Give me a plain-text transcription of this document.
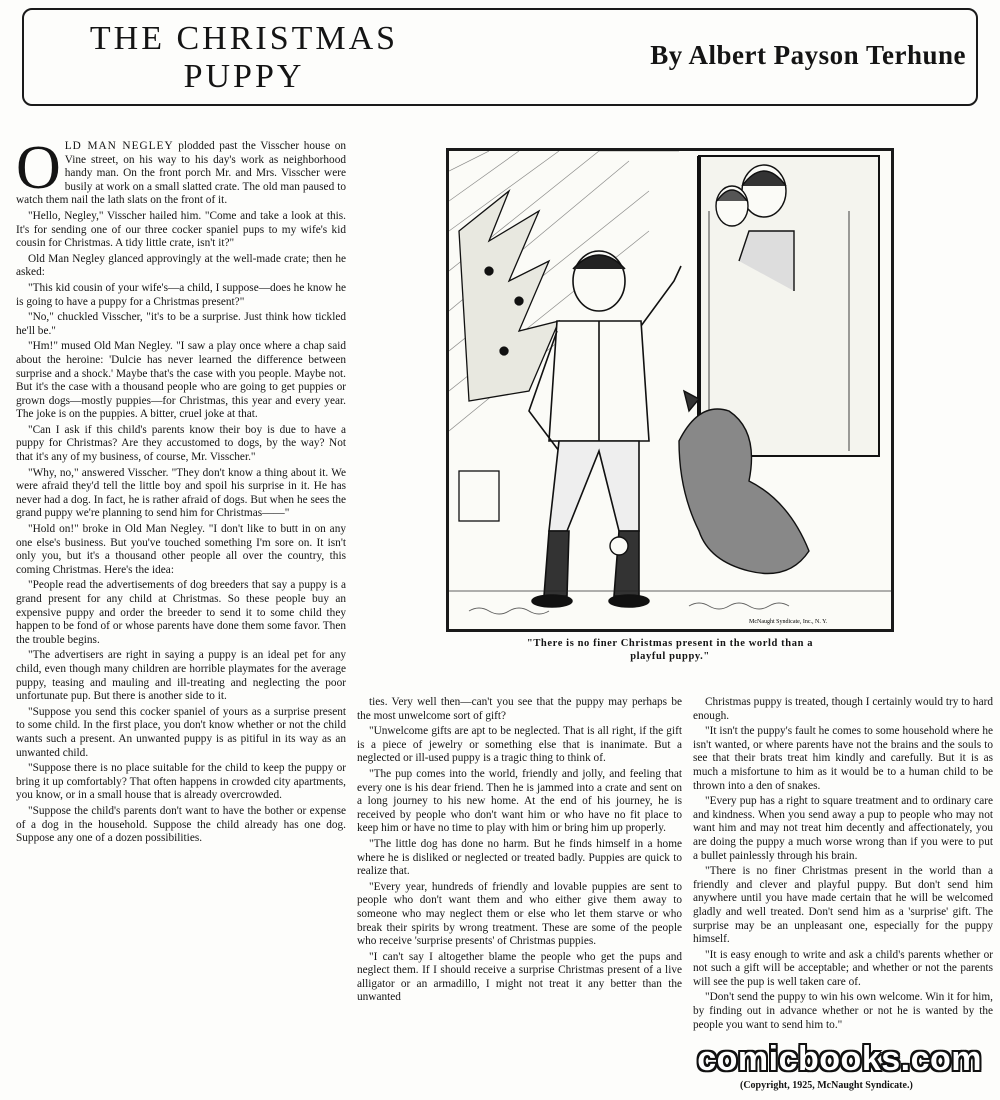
THE CHRISTMAS
PUPPY
By Albert Payson Terhune

OLD MAN NEGLEY plodded past the Visscher house on Vine street, on his way to his day's work as neighborhood handy man. On the front porch Mr. and Mrs. Visscher were busily at work on a small slatted crate. The old man paused to watch them nail the lath slats on the front of it.

"Hello, Negley," Visscher hailed him. "Come and take a look at this. It's for sending one of our three cocker spaniel pups to my wife's kid cousin for Christmas. A tidy little crate, isn't it?"

Old Man Negley glanced approvingly at the well-made crate; then he asked:

"This kid cousin of your wife's—a child, I suppose—does he know he is going to have a puppy for a Christmas present?"

"No," chuckled Visscher, "it's to be a surprise. Just think how tickled he'll be."

"Hm!" mused Old Man Negley. "I saw a play once where a chap said about the heroine: 'Dulcie has never learned the difference between surprise and a shock.' Maybe that's the case with you people. Maybe not. But it's the case with a thousand people who are going to get puppies or grown dogs—mostly puppies—for Christmas, this year and every year. The joke is on the puppies. A bitter, cruel joke at that.

"Can I ask if this child's parents know their boy is due to have a puppy for Christmas? Are they accustomed to dogs, by the way? Not that it's any of my business, of course, Mr. Visscher."

"Why, no," answered Visscher. "They don't know a thing about it. We were afraid they'd tell the little boy and spoil his surprise in it. He has never had a dog. In fact, he is rather afraid of dogs. But when he sees the grand puppy we're planning to send him for Christmas——"

"Hold on!" broke in Old Man Negley. "I don't like to butt in on any one else's business. But you've touched something I'm sore on. It isn't only you, but it's a thousand other people all over the country, this coming Christmas. Here's the idea:

"People read the advertisements of dog breeders that say a puppy is a grand present for any child at Christmas. So these people buy an expensive puppy and order the breeder to send it to some child they happen to be fond of or whose parents have done them some favor. Then the trouble begins.

"The advertisers are right in saying a puppy is an ideal pet for any child, even though many children are horrible playmates for the average puppy, teasing and mauling and ill-treating and neglecting the poor unfortunate pup. But there is another side to it.

"Suppose you send this cocker spaniel of yours as a surprise present to some child. In the first place, you don't know whether or not the child wants such a present. An unwanted puppy is as pitiful in its way as an unwanted child.

"Suppose there is no place suitable for the child to keep the puppy or bring it up comfortably? That often happens in crowded city apartments, you know, or in a small house that is already overcrowded.

"Suppose the child's parents don't want to have the bother or expense of a dog in the household. Suppose the child already has one dog. Suppose any one of a dozen possibilities.

ties. Very well then—can't you see that the puppy may perhaps be the most unwelcome sort of gift?

"Unwelcome gifts are apt to be neglected. That is all right, if the gift is a piece of jewelry or something else that is inanimate. But a neglected or ill-used puppy is a tragic thing to think of.

"The pup comes into the world, friendly and jolly, and feeling that every one is his dear friend. Then he is jammed into a crate and sent on a long journey to his new home. At the end of his journey, he is received by people who don't want him or who have no fit place to keep him or have no time to play with him or bring him up properly.

"The little dog has done no harm. But he finds himself in a home where he is disliked or neglected or treated badly. Puppies are quick to realize that.

"Every year, hundreds of friendly and lovable puppies are sent to people who don't want them and who either give them away to someone who may neglect them or else who let them starve or who break their spirits by wrong treatment. These are some of the people who receive 'surprise presents' of Christmas puppies.

"I can't say I altogether blame the people who get the pups and neglect them. If I should receive a surprise Christmas present of a live alligator or an armadillo, I might not treat it any better than the unwanted

Christmas puppy is treated, though I certainly would try to hard enough.

"It isn't the puppy's fault he comes to some household where he isn't wanted, or where parents have not the brains and the souls to see that their brats treat him kindly and carefully. But it is as much a misfortune to him as it would be to a human child to be thrown into a den of snakes.

"Every pup has a right to square treatment and to ordinary care and kindness. When you send away a pup to people who may not want him and may not treat him decently and affectionately, you are doing the puppy a much worse wrong than if you were to put a bullet painlessly through his brain.

"There is no finer Christmas present in the world than a friendly and clever and playful puppy. But don't send him anywhere until you have made certain that he will be welcomed gladly and well treated. Don't send him as a 'surprise' gift. The surprise may be an unpleasant one, especially for the puppy himself.

"It is easy enough to write and ask a child's parents whether or not such a gift will be acceptable; and whether or not the parents will see the pup is well taken care of.

"Don't send the puppy to win his own welcome. Win it for him, by finding out in advance whether or not he is wanted by the people you want to send him to."

McNaught Syndicate, Inc., N. Y.
"There is no finer Christmas present in the world than a
playful puppy."
(Copyright, 1925, McNaught Syndicate.)
comicbooks.com
